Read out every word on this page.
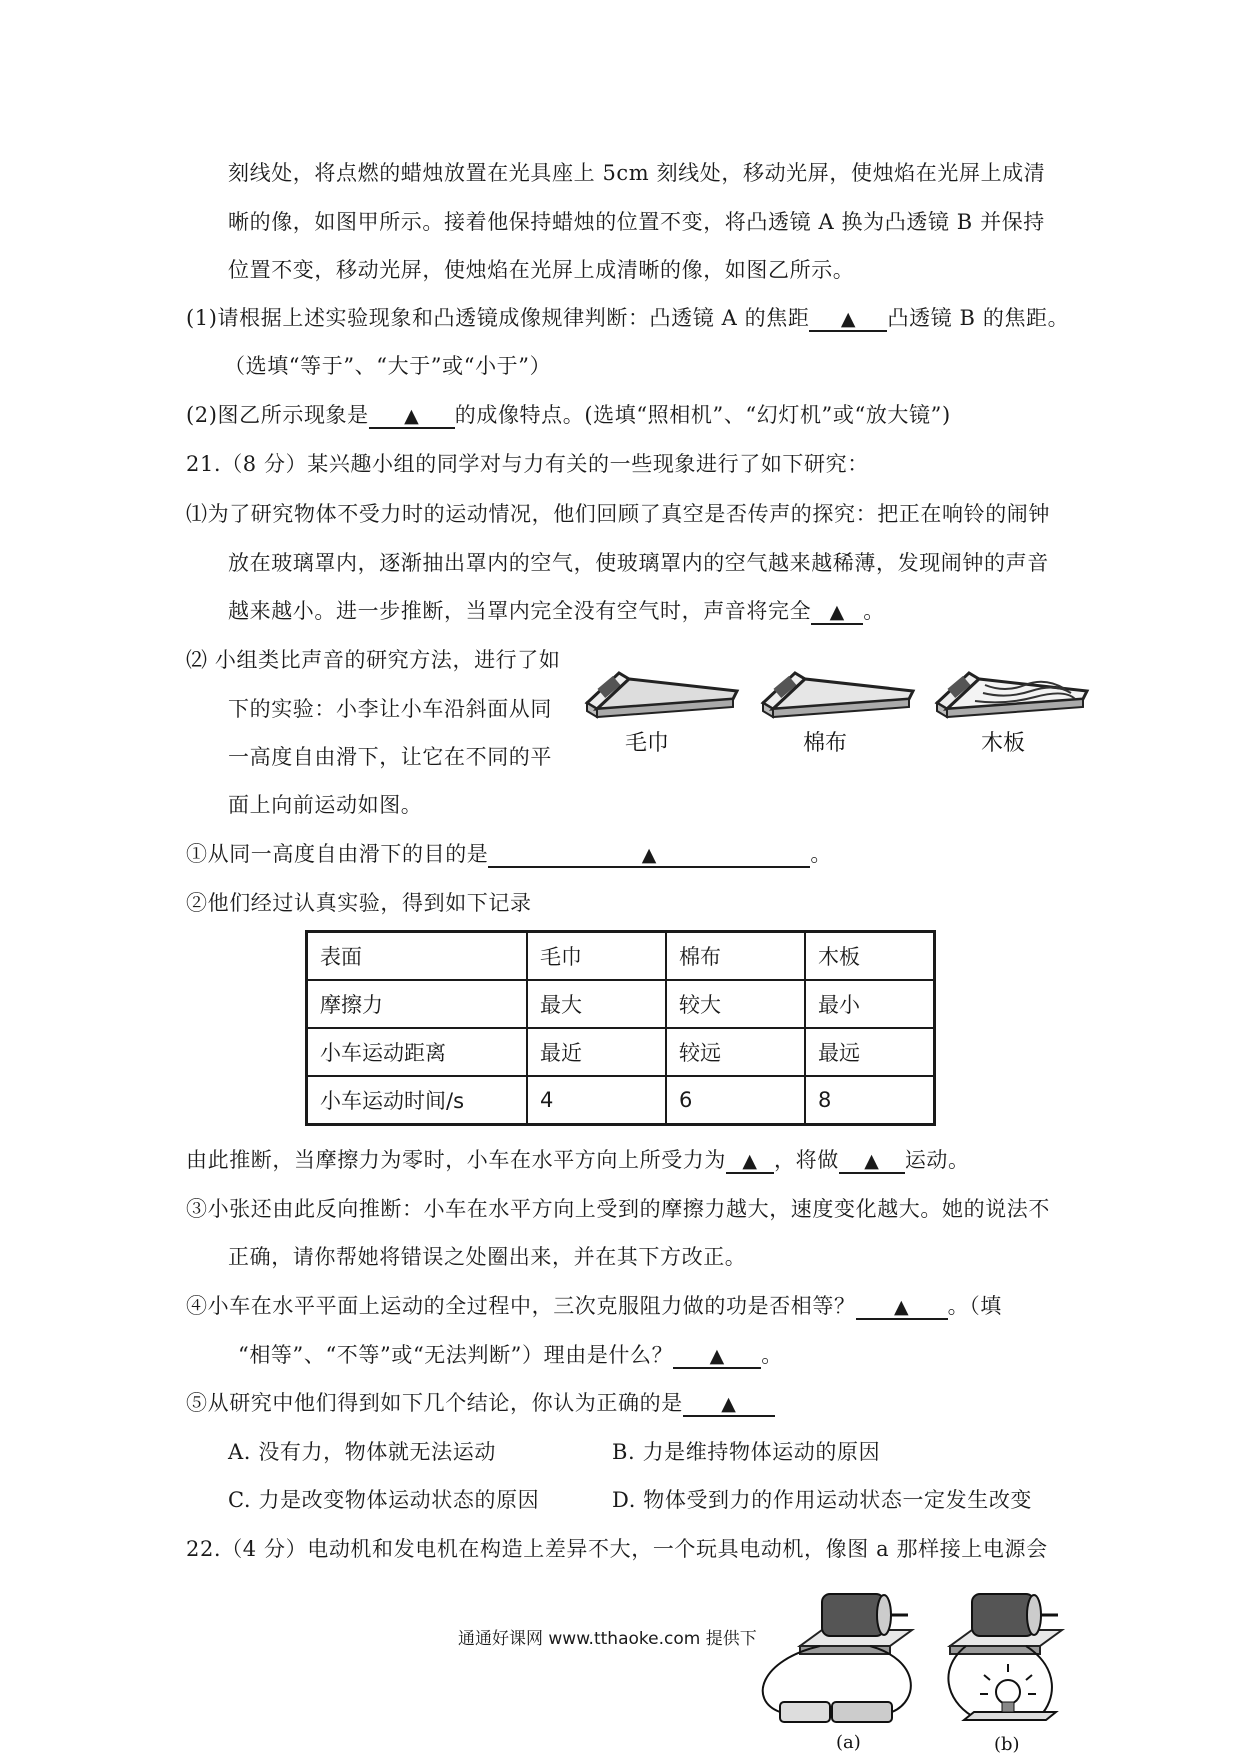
刻线处，将点燃的蜡烛放置在光具座上 5cm 刻线处，移动光屏，使烛焰在光屏上成清
晰的像，如图甲所示。接着他保持蜡烛的位置不变，将凸透镜 A 换为凸透镜 B 并保持
位置不变，移动光屏，使烛焰在光屏上成清晰的像，如图乙所示。
(1)请根据上述实验现象和凸透镜成像规律判断：凸透镜 A 的焦距 ▲ 凸透镜 B 的焦距。
（选填“等于”、“大于”或“小于”）
(2)图乙所示现象是 ▲ 的成像特点。(选填“照相机”、“幻灯机”或“放大镜”)
21.（8 分）某兴趣小组的同学对与力有关的一些现象进行了如下研究：
⑴为了研究物体不受力时的运动情况，他们回顾了真空是否传声的探究：把正在响铃的闹钟
放在玻璃罩内，逐渐抽出罩内的空气，使玻璃罩内的空气越来越稀薄，发现闹钟的声音
越来越小。进一步推断，当罩内完全没有空气时，声音将完全 ▲ 。
⑵ 小组类比声音的研究方法，进行了如
下的实验：小李让小车沿斜面从同
一高度自由滑下，让它在不同的平
面上向前运动如图。
毛巾	棉布	木板
①从同一高度自由滑下的目的是	▲	。
②他们经过认真实验，得到如下记录
表面	毛巾	棉布	木板
摩擦力	最大	较大	最小
小车运动距离	最近	较远	最远
小车运动时间/s	4	6	8
由此推断，当摩擦力为零时，小车在水平方向上所受力为 ▲ ，将做 ▲ 运动。
③小张还由此反向推断：小车在水平方向上受到的摩擦力越大，速度变化越大。她的说法不
正确，请你帮她将错误之处圈出来，并在其下方改正。
④小车在水平平面上运动的全过程中，三次克服阻力做的功是否相等？ ▲ 。（填
“相等”、“不等”或“无法判断”）理由是什么？ ▲ 。
⑤从研究中他们得到如下几个结论，你认为正确的是 ▲
A. 没有力，物体就无法运动	B. 力是维持物体运动的原因
C. 力是改变物体运动状态的原因	D. 物体受到力的作用运动状态一定发生改变
22.（4 分）电动机和发电机在构造上差异不大，一个玩具电动机，像图 a 那样接上电源会
(a)	(b)
通通好课网 www.tthaoke.com 提供下
